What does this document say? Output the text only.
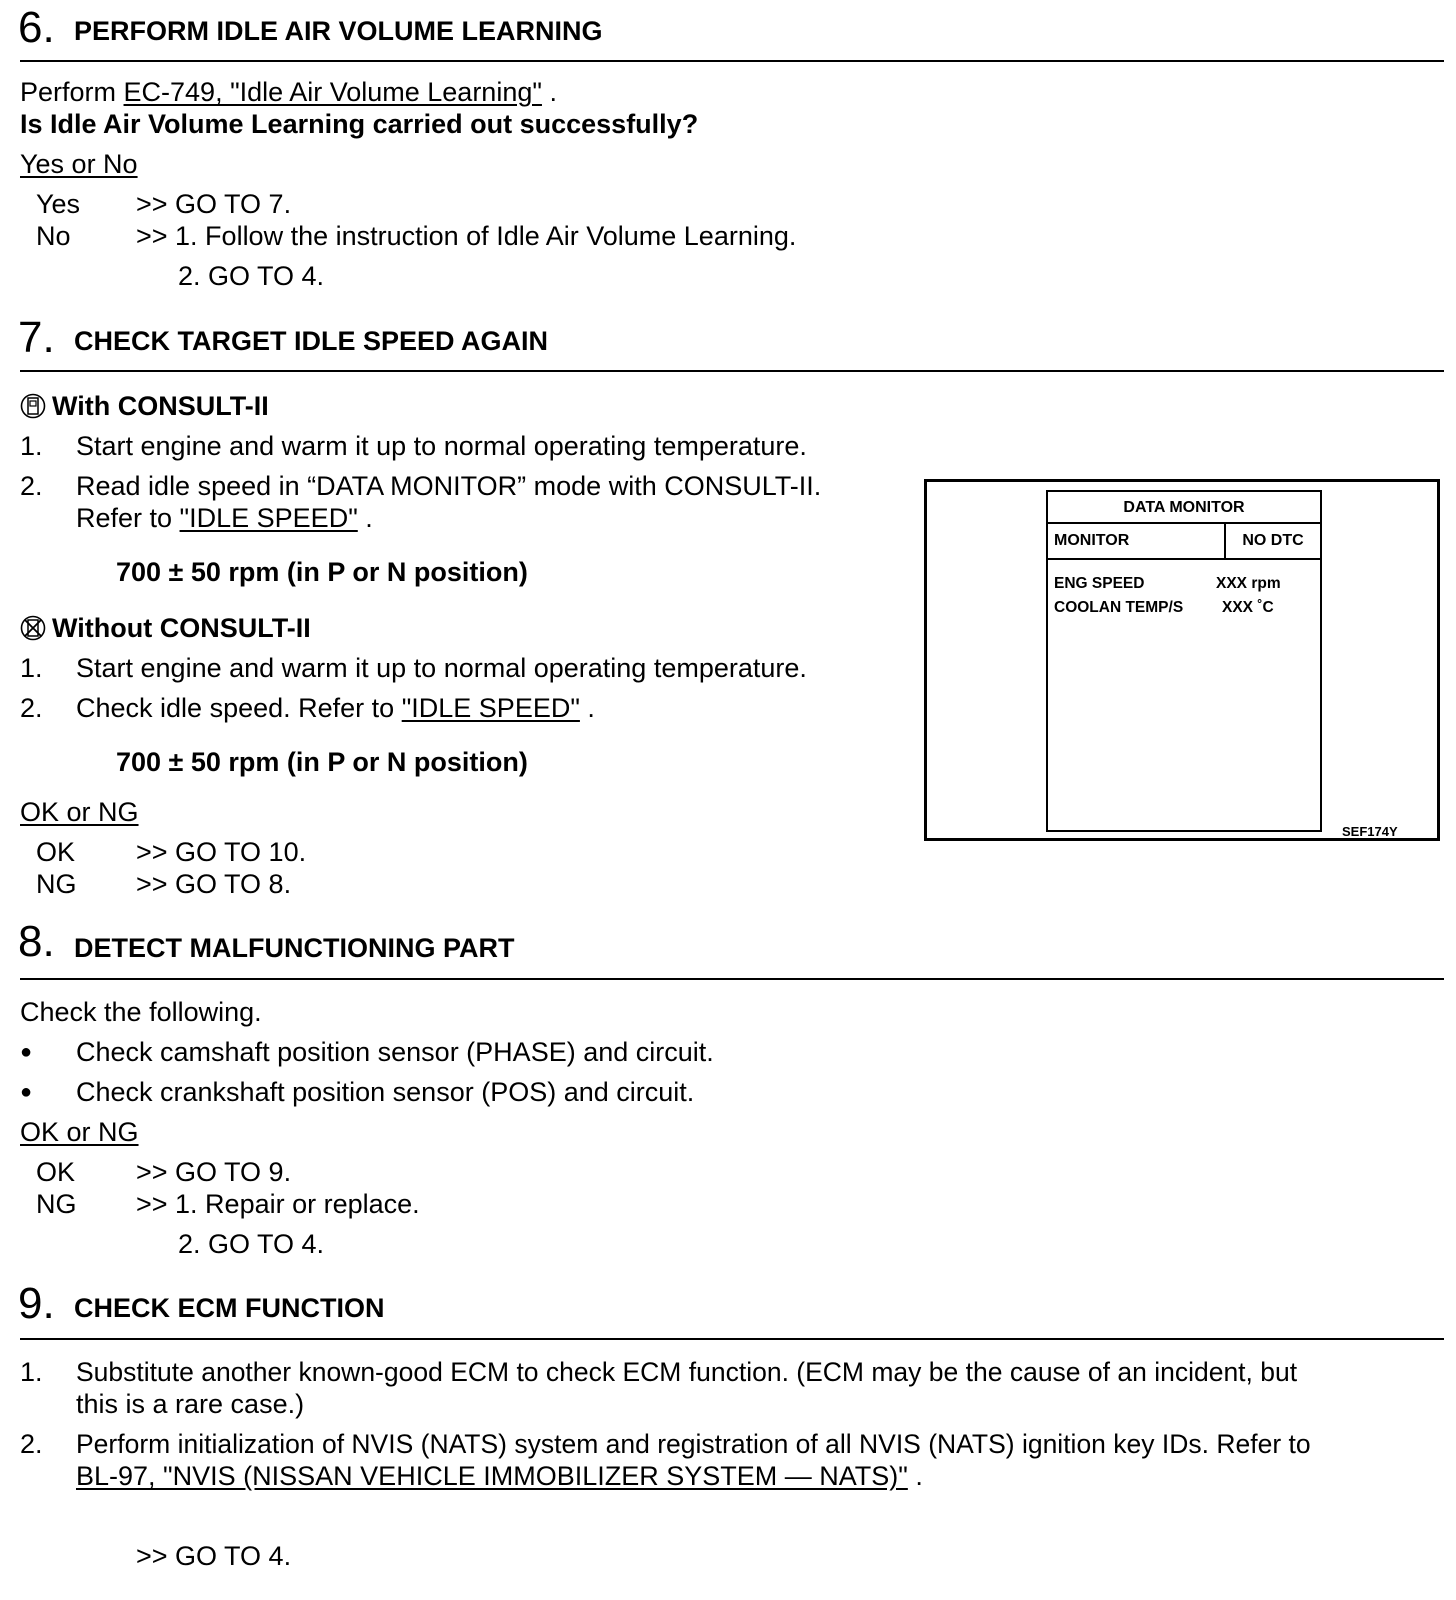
6. PERFORM IDLE AIR VOLUME LEARNING
Perform EC-749, "Idle Air Volume Learning" .
Is Idle Air Volume Learning carried out successfully?
Yes or No
Yes >> GO TO 7.
No >> 1. Follow the instruction of Idle Air Volume Learning.
2. GO TO 4.
7. CHECK TARGET IDLE SPEED AGAIN
With CONSULT-II
1. Start engine and warm it up to normal operating temperature.
2. Read idle speed in “DATA MONITOR” mode with CONSULT-II.
Refer to "IDLE SPEED" .
700 ± 50 rpm (in P or N position)
Without CONSULT-II
1. Start engine and warm it up to normal operating temperature.
2. Check idle speed. Refer to "IDLE SPEED" .
700 ± 50 rpm (in P or N position)
OK or NG
OK >> GO TO 10.
NG >> GO TO 8.
DATA MONITOR
MONITOR	NO DTC
ENG SPEED	XXX rpm
COOLAN TEMP/S	XXX ˚C
SEF174Y
8. DETECT MALFUNCTIONING PART
Check the following.
● Check camshaft position sensor (PHASE) and circuit.
● Check crankshaft position sensor (POS) and circuit.
OK or NG
OK >> GO TO 9.
NG >> 1. Repair or replace.
2. GO TO 4.
9. CHECK ECM FUNCTION
1. Substitute another known-good ECM to check ECM function. (ECM may be the cause of an incident, but
this is a rare case.)
2. Perform initialization of NVIS (NATS) system and registration of all NVIS (NATS) ignition key IDs. Refer to
BL-97, "NVIS (NISSAN VEHICLE IMMOBILIZER SYSTEM — NATS)" .
>> GO TO 4.
